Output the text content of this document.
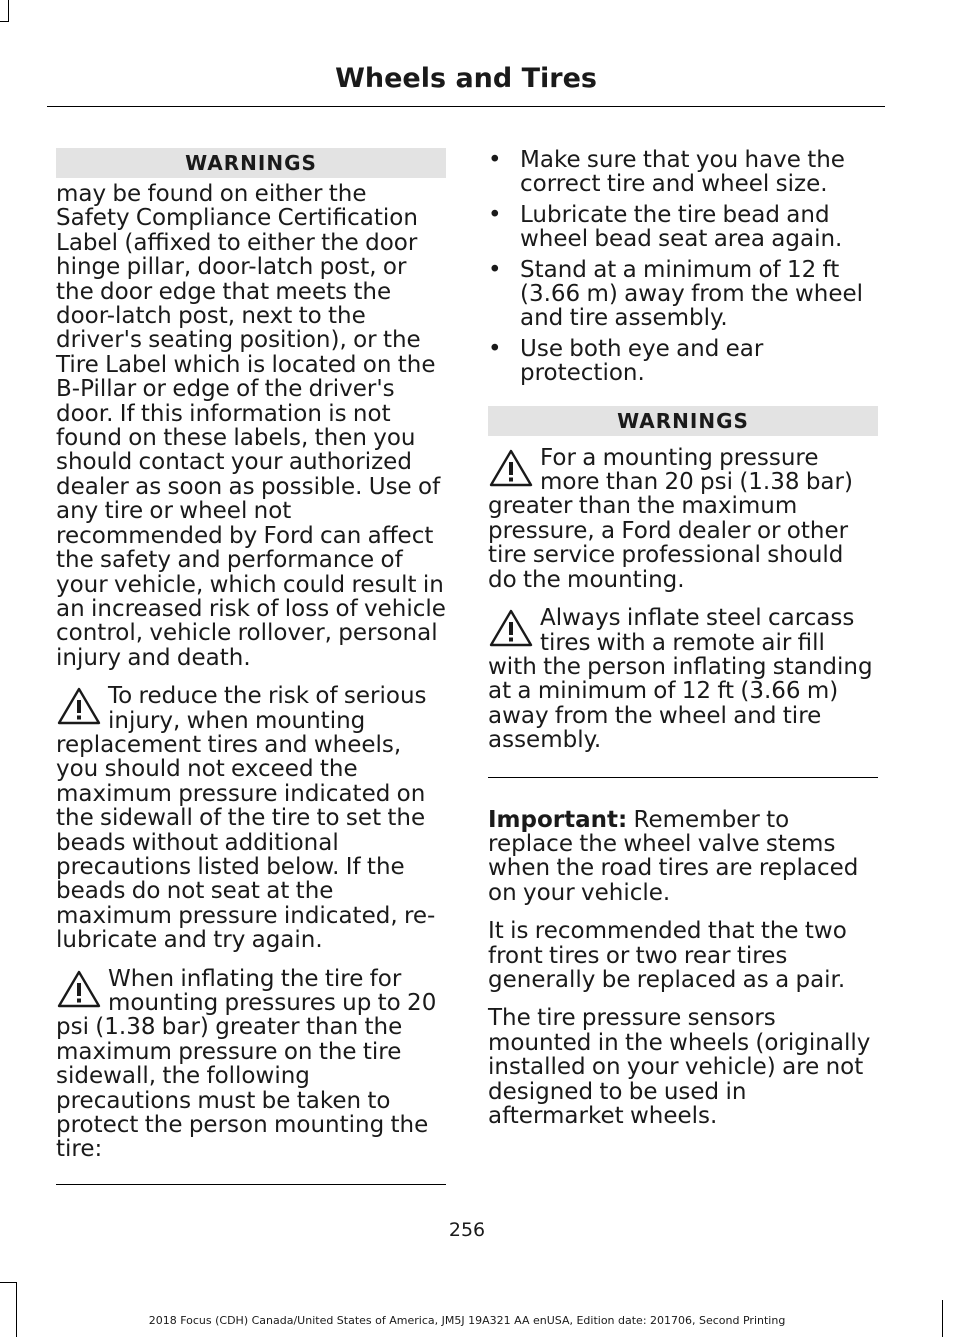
Wheels and Tires
WARNINGS

may be found on either the Safety Compliance Certification Label (affixed to either the door hinge pillar, door-latch post, or the door edge that meets the door-latch post, next to the driver's seating position), or the Tire Label which is located on the B-Pillar or edge of the driver's door. If this information is not found on these labels, then you should contact your authorized dealer as soon as possible. Use of any tire or wheel not recommended by Ford can affect the safety and performance of your vehicle, which could result in an increased risk of loss of vehicle control, vehicle rollover, personal injury and death.

To reduce the risk of serious injury, when mounting replacement tires and wheels, you should not exceed the maximum pressure indicated on the sidewall of the tire to set the beads without additional precautions listed below. If the beads do not seat at the maximum pressure indicated, re-lubricate and try again.
When inflating the tire for mounting pressures up to 20 psi (1.38 bar) greater than the maximum pressure on the tire sidewall, the following precautions must be taken to protect the person mounting the tire:
• Make sure that you have the correct tire and wheel size.
• Lubricate the tire bead and wheel bead seat area again.
• Stand at a minimum of 12 ft (3.66 m) away from the wheel and tire assembly.
• Use both eye and ear protection.
WARNINGS
For a mounting pressure more than 20 psi (1.38 bar) greater than the maximum pressure, a Ford dealer or other tire service professional should do the mounting.
Always inflate steel carcass tires with a remote air fill with the person inflating standing at a minimum of 12 ft (3.66 m) away from the wheel and tire assembly.

Important: Remember to replace the wheel valve stems when the road tires are replaced on your vehicle.

It is recommended that the two front tires or two rear tires generally be replaced as a pair.

The tire pressure sensors mounted in the wheels (originally installed on your vehicle) are not designed to be used in aftermarket wheels.

256
2018 Focus (CDH) Canada/United States of America, JM5J 19A321 AA enUSA, Edition date: 201706, Second Printing
